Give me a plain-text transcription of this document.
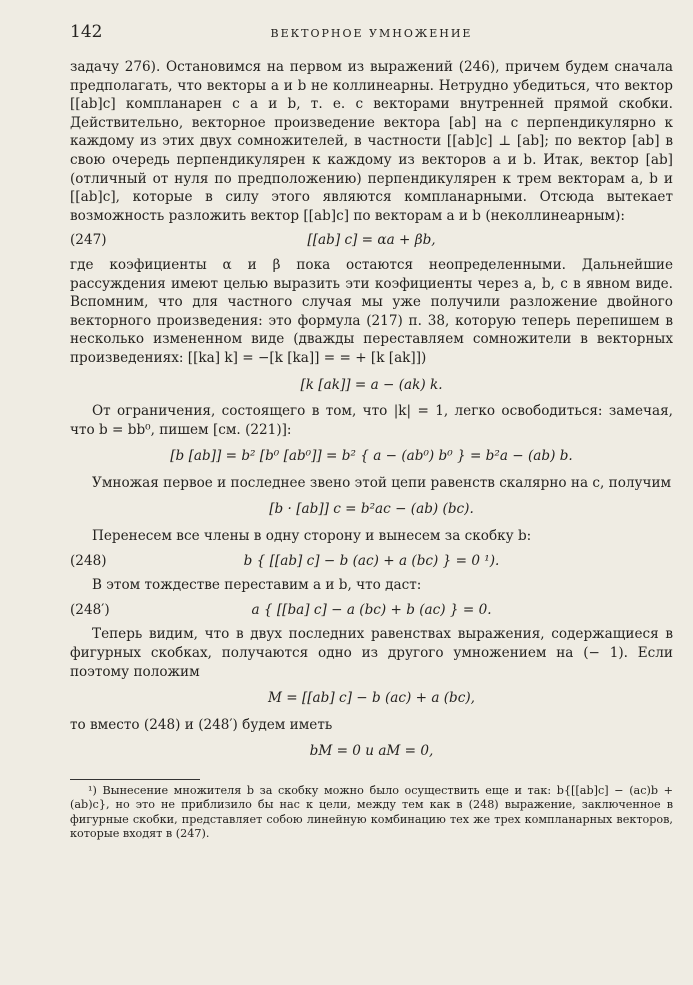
142	ВЕКТОРНОЕ УМНОЖЕНИЕ

задачу 276). Остановимся на первом из выражений (246), причем будем сначала предполагать, что векторы a и b не коллинеарны. Нетрудно убедиться, что вектор [[ab]c] компланарен с a и b, т. е. с векторами внутренней прямой скобки. Действительно, векторное произведение вектора [ab] на c перпендикулярно к каждому из этих двух сомножителей, в частности [[ab]c] ⊥ [ab]; по вектор [ab] в свою очередь перпендикулярен к каждому из векторов a и b. Итак, вектор [ab] (отличный от нуля по предположению) перпендикулярен к трем векторам a, b и [[ab]c], которые в силу этого являются компланарными. Отсюда вытекает возможность разложить вектор [[ab]c] по векторам a и b (неколлинеарным):

(247)	[[ab] c] = αa + βb,

где коэфициенты α и β пока остаются неопределенными. Дальнейшие рассуждения имеют целью выразить эти коэфициенты через a, b, c в явном виде. Вспомним, что для частного случая мы уже получили разложение двойного векторного произведения: это формула (217) п. 38, которую теперь перепишем в несколько измененном виде (дважды переставляем сомножители в векторных произведениях: [[ka] k] = −[k [ka]] = = + [k [ak]])

[k [ak]] = a − (ak) k.

От ограничения, состоящего в том, что |k| = 1, легко освободиться: замечая, что b = bb⁰, пишем [см. (221)]:

[b [ab]] = b² [b⁰ [ab⁰]] = b² { a − (ab⁰) b⁰ } = b²a − (ab) b.

Умножая первое и последнее звено этой цепи равенств скалярно на c, получим

[b · [ab]] c = b²ac − (ab) (bc).

Перенесем все члены в одну сторону и вынесем за скобку b:

(248)	b { [[ab] c] − b (ac) + a (bc) } = 0 ¹).

В этом тождестве переставим a и b, что даст:

(248′)	a { [[ba] c] − a (bc) + b (ac) } = 0.

Теперь видим, что в двух последних равенствах выражения, содержащиеся в фигурных скобках, получаются одно из другого умножением на (− 1). Если поэтому положим

M = [[ab] c] − b (ac) + a (bc),

то вместо (248) и (248′) будем иметь

bM = 0 и aM = 0,

¹) Вынесение множителя b за скобку можно было осуществить еще и так: b{[[ab]c] − (ac)b + (ab)c}, но это не приблизило бы нас к цели, между тем как в (248) выражение, заключенное в фигурные скобки, представляет собою линейную комбинацию тех же трех компланарных векторов, которые входят в (247).
